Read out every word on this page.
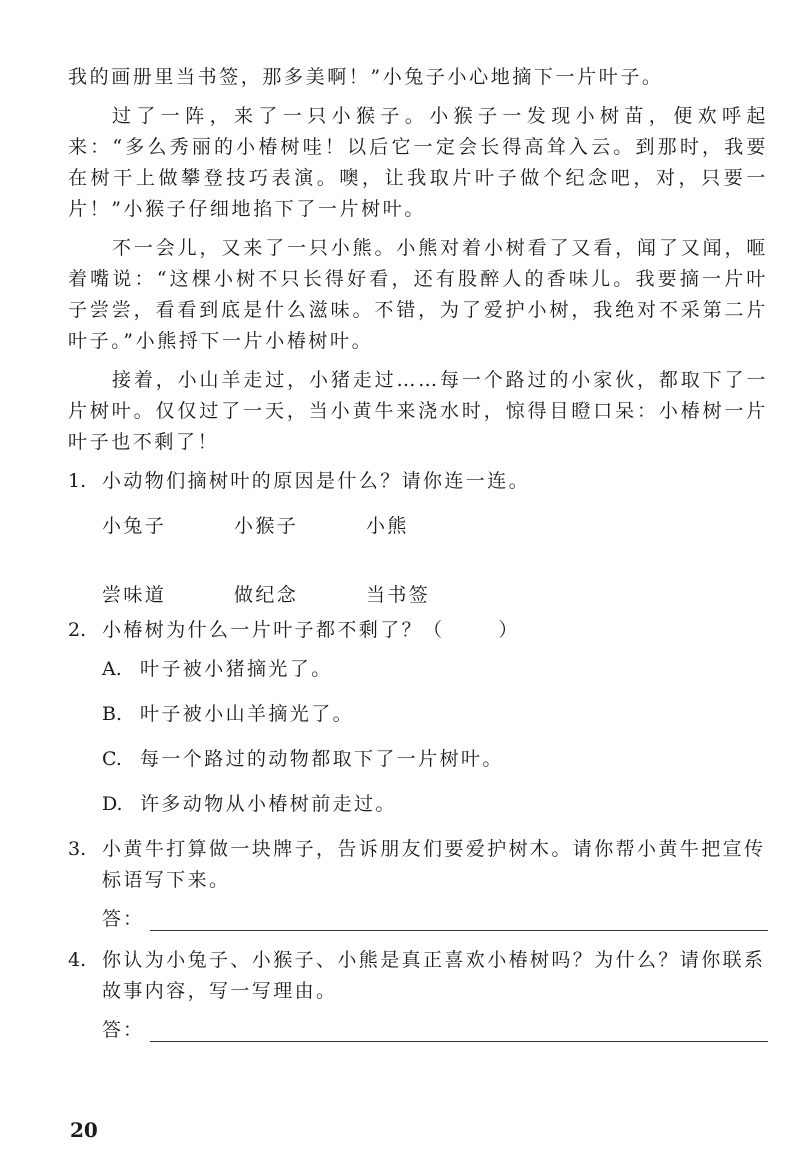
我的画册里当书签，那多美啊！”小兔子小心地摘下一片叶子。

过了一阵，来了一只小猴子。小猴子一发现小树苗，便欢呼起来：“多么秀丽的小椿树哇！以后它一定会长得高耸入云。到那时，我要在树干上做攀登技巧表演。噢，让我取片叶子做个纪念吧，对，只要一片！”小猴子仔细地掐下了一片树叶。

不一会儿，又来了一只小熊。小熊对着小树看了又看，闻了又闻，咂着嘴说：“这棵小树不只长得好看，还有股醉人的香味儿。我要摘一片叶子尝尝，看看到底是什么滋味。不错，为了爱护小树，我绝对不采第二片叶子。”小熊捋下一片小椿树叶。

接着，小山羊走过，小猪走过……每一个路过的小家伙，都取下了一片树叶。仅仅过了一天，当小黄牛来浇水时，惊得目瞪口呆：小椿树一片叶子也不剩了！

1. 小动物们摘树叶的原因是什么？请你连一连。
小兔子	小猴子	小熊
尝味道	做纪念	当书签
2. 小椿树为什么一片叶子都不剩了？（	）
A. 叶子被小猪摘光了。
B. 叶子被小山羊摘光了。
C. 每一个路过的动物都取下了一片树叶。
D. 许多动物从小椿树前走过。
3. 小黄牛打算做一块牌子，告诉朋友们要爱护树木。请你帮小黄牛把宣传标语写下来。
答：
4. 你认为小兔子、小猴子、小熊是真正喜欢小椿树吗？为什么？请你联系故事内容，写一写理由。
答：
20
